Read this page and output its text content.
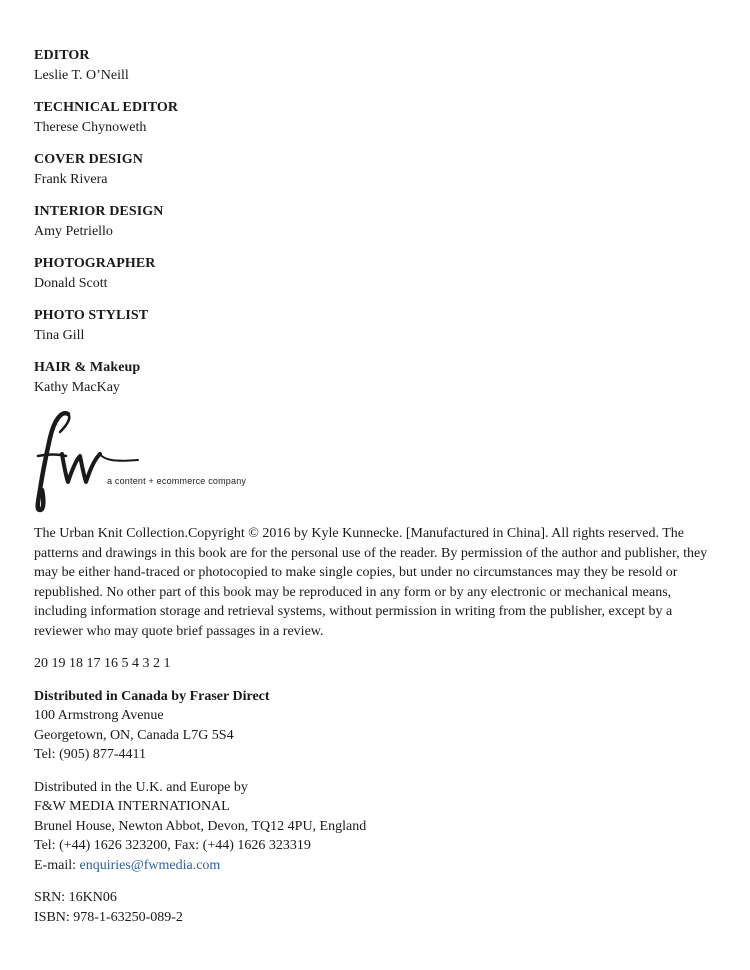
EDITOR
Leslie T. O’Neill
TECHNICAL EDITOR
Therese Chynoweth
COVER DESIGN
Frank Rivera
INTERIOR DESIGN
Amy Petriello
PHOTOGRAPHER
Donald Scott
PHOTO STYLIST
Tina Gill
HAIR & Makeup
Kathy MacKay
a content + ecommerce company

The Urban Knit Collection.Copyright © 2016 by Kyle Kunnecke. [Manufactured in China]. All rights reserved. The patterns and drawings in this book are for the personal use of the reader. By permission of the author and publisher, they may be either hand-traced or photocopied to make single copies, but under no circumstances may they be resold or republished. No other part of this book may be reproduced in any form or by any electronic or mechanical means, including information storage and retrieval systems, without permission in writing from the publisher, except by a reviewer who may quote brief passages in a review.

20 19 18 17 16 5 4 3 2 1

Distributed in Canada by Fraser Direct
100 Armstrong Avenue
Georgetown, ON, Canada L7G 5S4
Tel: (905) 877-4411
Distributed in the U.K. and Europe by
F&W MEDIA INTERNATIONAL
Brunel House, Newton Abbot, Devon, TQ12 4PU, England
Tel: (+44) 1626 323200, Fax: (+44) 1626 323319
E-mail: enquiries@fwmedia.com
SRN: 16KN06
ISBN: 978-1-63250-089-2
